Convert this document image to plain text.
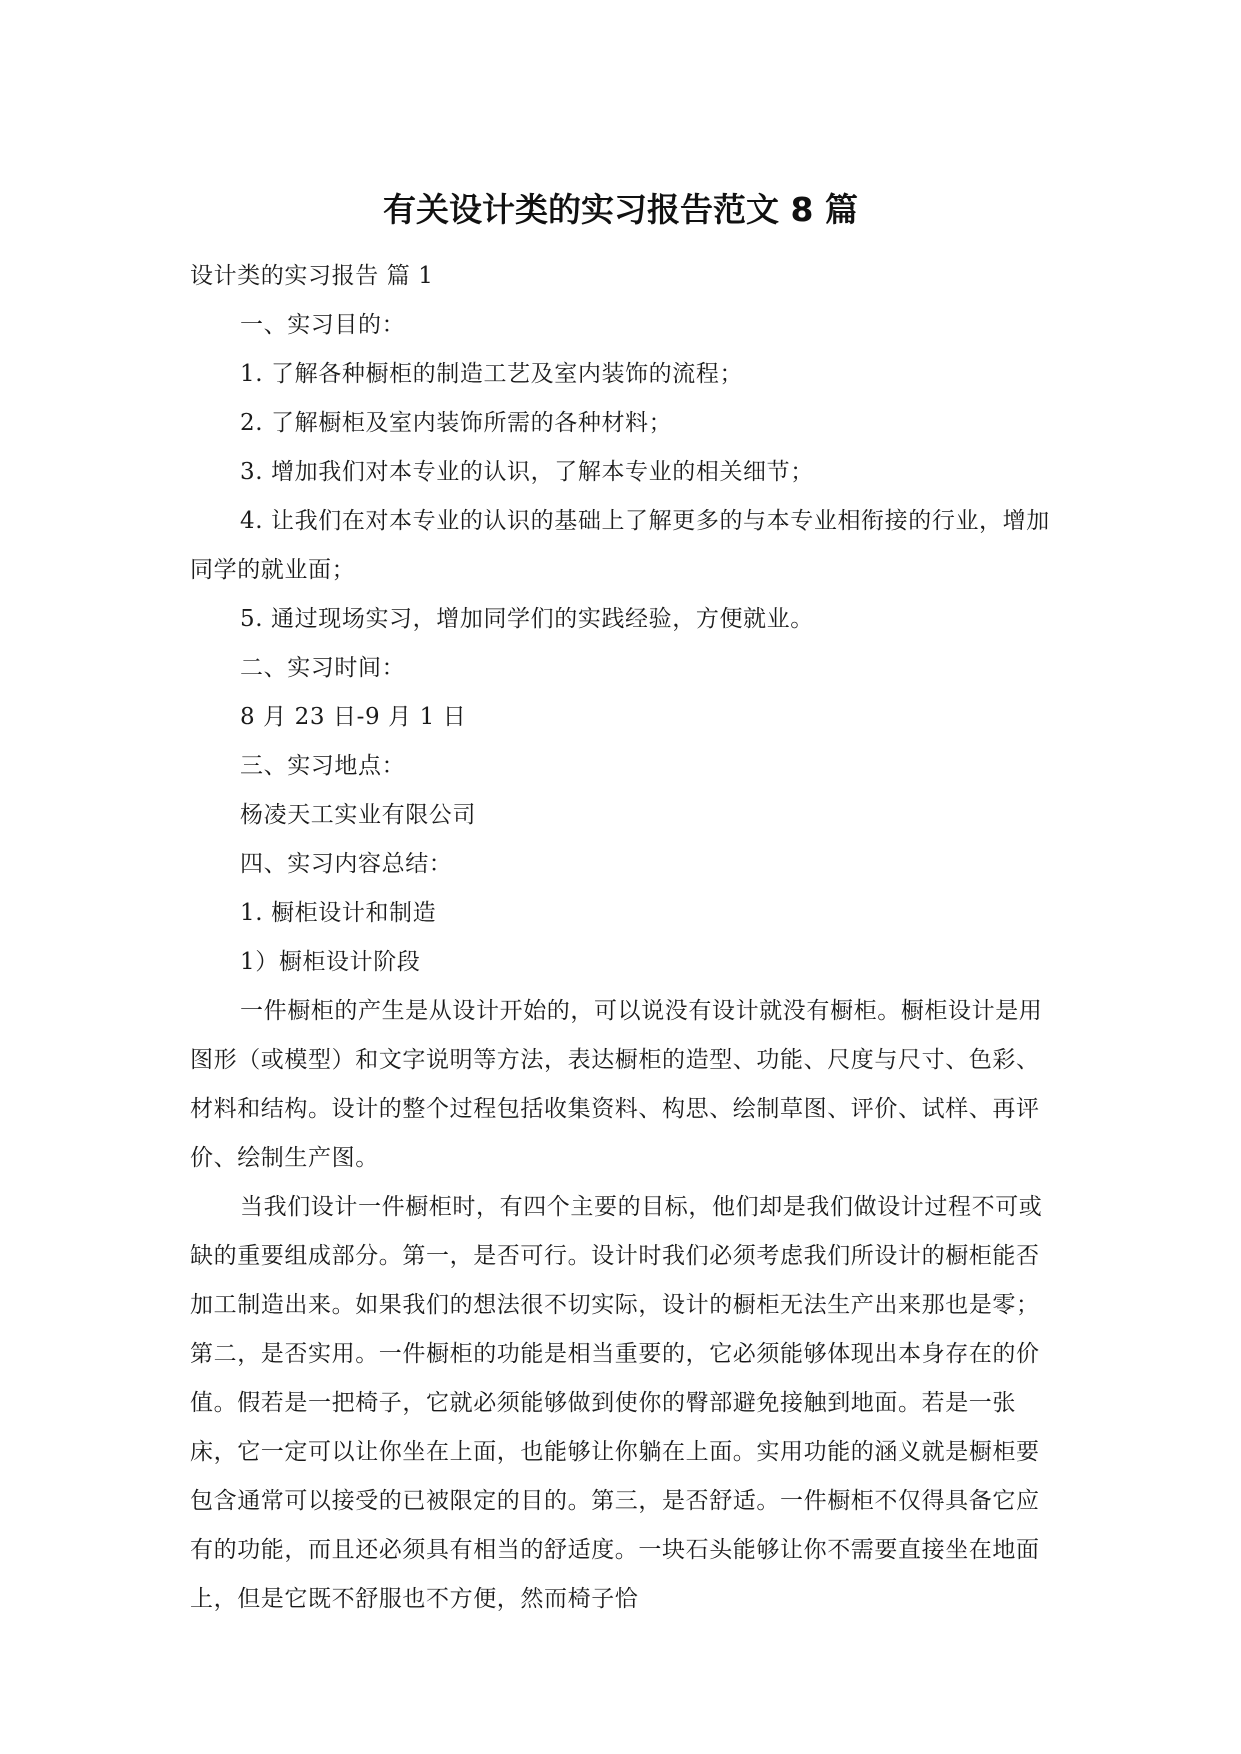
有关设计类的实习报告范文 8 篇

设计类的实习报告 篇 1

一、实习目的：

1. 了解各种橱柜的制造工艺及室内装饰的流程；

2. 了解橱柜及室内装饰所需的各种材料；

3. 增加我们对本专业的认识，了解本专业的相关细节；

4. 让我们在对本专业的认识的基础上了解更多的与本专业相衔接的行业，增加同学的就业面；

5. 通过现场实习，增加同学们的实践经验，方便就业。

二、实习时间：

8 月 23 日-9 月 1 日

三、实习地点：

杨凌天工实业有限公司

四、实习内容总结：

1. 橱柜设计和制造

1）橱柜设计阶段

一件橱柜的产生是从设计开始的，可以说没有设计就没有橱柜。橱柜设计是用图形（或模型）和文字说明等方法，表达橱柜的造型、功能、尺度与尺寸、色彩、材料和结构。设计的整个过程包括收集资料、构思、绘制草图、评价、试样、再评价、绘制生产图。

当我们设计一件橱柜时，有四个主要的目标，他们却是我们做设计过程不可或缺的重要组成部分。第一，是否可行。设计时我们必须考虑我们所设计的橱柜能否加工制造出来。如果我们的想法很不切实际，设计的橱柜无法生产出来那也是零；第二，是否实用。一件橱柜的功能是相当重要的，它必须能够体现出本身存在的价值。假若是一把椅子，它就必须能够做到使你的臀部避免接触到地面。若是一张床，它一定可以让你坐在上面，也能够让你躺在上面。实用功能的涵义就是橱柜要包含通常可以接受的已被限定的目的。第三，是否舒适。一件橱柜不仅得具备它应有的功能，而且还必须具有相当的舒适度。一块石头能够让你不需要直接坐在地面上，但是它既不舒服也不方便，然而椅子恰
